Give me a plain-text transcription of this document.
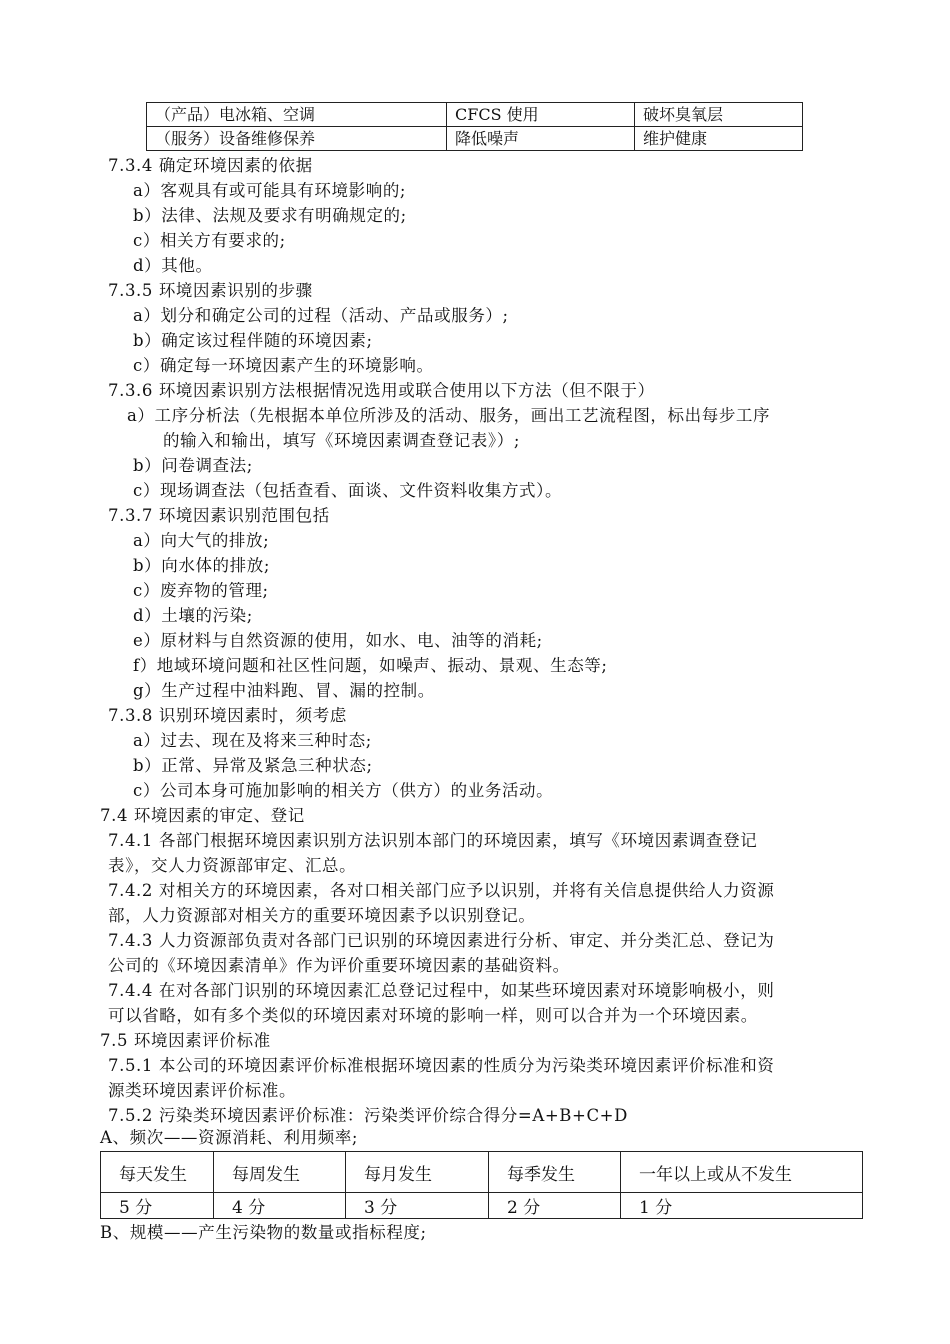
（产品）电冰箱、空调	CFCS 使用	破坏臭氧层
（服务）设备维修保养	降低噪声	维护健康
7.3.4 确定环境因素的依据
a）客观具有或可能具有环境影响的;
b）法律、法规及要求有明确规定的;
c）相关方有要求的;
d）其他。
7.3.5 环境因素识别的步骤
a）划分和确定公司的过程（活动、产品或服务）;
b）确定该过程伴随的环境因素;
c）确定每一环境因素产生的环境影响。
7.3.6 环境因素识别方法根据情况选用或联合使用以下方法（但不限于）
a）工序分析法（先根据本单位所涉及的活动、服务，画出工艺流程图，标出每步工序
的输入和输出，填写《环境因素调查登记表》）;
b）问卷调查法;
c）现场调查法（包括查看、面谈、文件资料收集方式）。
7.3.7 环境因素识别范围包括
a）向大气的排放;
b）向水体的排放;
c）废弃物的管理;
d）土壤的污染;
e）原材料与自然资源的使用，如水、电、油等的消耗;
f）地域环境问题和社区性问题，如噪声、振动、景观、生态等;
g）生产过程中油料跑、冒、漏的控制。
7.3.8 识别环境因素时，须考虑
a）过去、现在及将来三种时态;
b）正常、异常及紧急三种状态;
c）公司本身可施加影响的相关方（供方）的业务活动。
7.4 环境因素的审定、登记
7.4.1 各部门根据环境因素识别方法识别本部门的环境因素，填写《环境因素调查登记
表》，交人力资源部审定、汇总。
7.4.2 对相关方的环境因素，各对口相关部门应予以识别，并将有关信息提供给人力资源
部，人力资源部对相关方的重要环境因素予以识别登记。
7.4.3 人力资源部负责对各部门已识别的环境因素进行分析、审定、并分类汇总、登记为
公司的《环境因素清单》作为评价重要环境因素的基础资料。
7.4.4 在对各部门识别的环境因素汇总登记过程中，如某些环境因素对环境影响极小，则
可以省略，如有多个类似的环境因素对环境的影响一样，则可以合并为一个环境因素。
7.5 环境因素评价标准
7.5.1 本公司的环境因素评价标准根据环境因素的性质分为污染类环境因素评价标准和资
源类环境因素评价标准。
7.5.2 污染类环境因素评价标准：污染类评价综合得分=A+B+C+D
A、频次——资源消耗、利用频率;
每天发生	每周发生	每月发生	每季发生	一年以上或从不发生
5 分	4 分	3 分	2 分	1 分
B、规模——产生污染物的数量或指标程度;
